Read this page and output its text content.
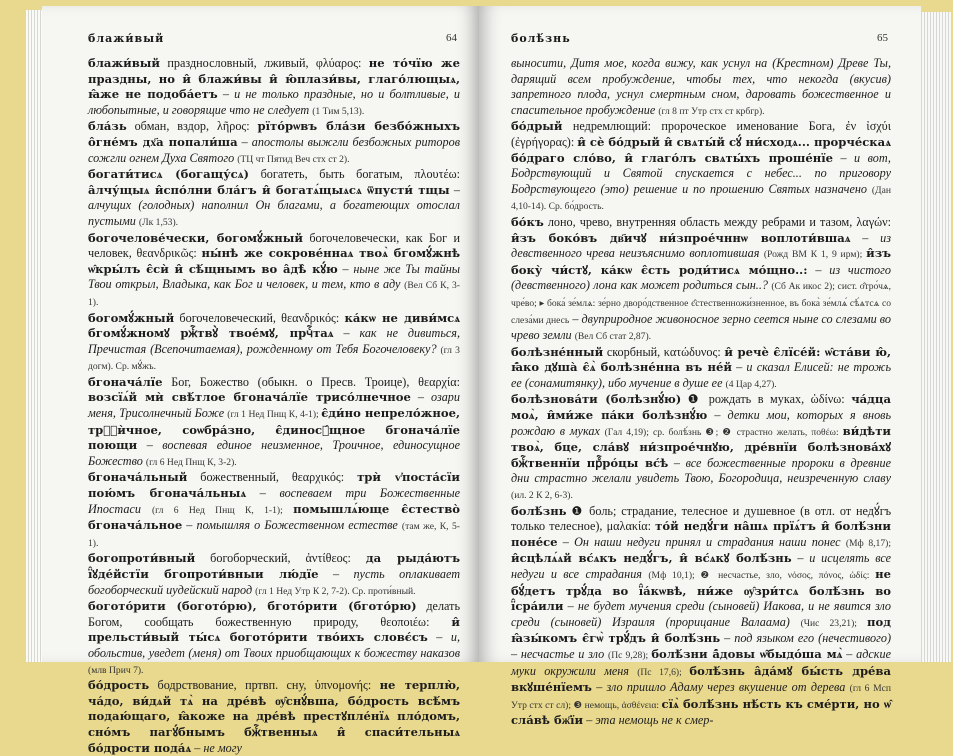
блажи́вый	64

блажи́вый празднословный, лживый, φλύαρος: не то́чїю же праздны, но и̂ блажи́вы и̂ ю̂плази́вы, глаго́лющыѧ, ꙗ̂же не подоба́етъ – и не только праздные, но и болтливые, и любопытные, и говорящие что не следует (1 Тим 5,13).

бла́зь обман, вздор, λῆρος: рїто́рѡвъ бла́зи безбо́жныхъ о̂гне́мъ дх҃а попали́ша – апостолы выжгли безбожных риторов сожгли огнем Духа Святого (ТЦ чт Пятид Веч стх ст 2).

богати́тисѧ (богащу́сѧ) богатеть, быть богатым, πλουτέω: а̂лчу́щыѧ и̂спо́лни бла́гъ и̂ богатѧ́щыѧсѧ ѿпусти́ тщы – алчущих (голодных) наполнил Он благами, а богатеющих отослал пустыми (Лк 1,53).

богочелове́чески, богомꙋ́жный богочеловечески, как Бог и человек, θεανδρικῶς: ны́нѣ же сокрове́ннаѧ твоѧ̀ бгомꙋ́жнѣ ѡ̂кры́лъ є̂сѝ и̂ сѣ́щнымъ во а̂дѣ̀ кꙋ́ю – ныне же Ты тайны Твои открыл, Владыка, как Бог и человек, и тем, кто в аду (Вел Сб К, 3-1).

богомꙋ́жный богочеловеческий, θεανδρικός: ка́кѡ не диви́мсѧ бгомꙋ́жномꙋ ржⷭ҇твꙋ̀ твое́мꙋ, прчⷭ҇таѧ – как не дивиться, Пречистая (Всепочитаемая), рожденному от Тебя Богочеловеку? (гл 3 догм). Ср. мꙋ́жъ.

бгонача́лїе Бог, Божество (обыкн. о Пресв. Троице), θεαρχία: возсїѧ́й мѝ свѣ́тлое бгонача́лїе трисо́лнечное – озари меня, Трисолнечный Боже (гл 1 Нед Пнщ К, 4-1); є̂ди́но непрело́жное, трⷭ҇ѝчное, соѡбра́зно, є̂диносꙋ́щное бгонача́лїе поющи – воспевая единое неизменное, Троичное, единосущное Божество (гл 6 Нед Пнщ К, 3-2).

бгонача́льный божественный, θεαρχικός: трѝ ѵ҆поста́сїи пою́мъ бгонача́льныѧ – воспеваем три Божественные Ипостаси (гл 6 Нед Пнщ К, 1-1); помышлѧ́юще є̂стество̀ бгонача́льное – помышляя о Божественном естестве (там же, К, 5-1).

богопроти́вный богоборческий, ἀντίθεος: да рыда́ютъ ї̂ꙋде́йстїи бгопроти́вныи лю́дїе – пусть оплакивает богоборческий иудейский народ (гл 1 Нед Утр К 2, 7-2). Ср. проти́вный.

богото́рити (богото́рю), бгото́рити (бгото́рю) делать Богом, сообщать божественную природу, θεοποιέω: и̂ прельсти́вый ты́сѧ богото́рити тво́ихъ словє́съ – и, обольстив, уведет (меня) от Твоих приобщающих к божеству наказов (млв Прич 7).

бо́дрость бодрствование, пртвп. сну, ὑπνομονής: не терплю̀, ча́до, ви́дѧй тѧ̀ на дре́вѣ ѹ̂снꙋ́вша, бо́дрость всѣ́мъ подаю́щаго, ꙗ̂коже на дре́вѣ престꙋпле́нїѧ пло́домъ, сно́мъ пагꙋ́бнымъ бжⷭ҇твенныѧ и̂ спаси́тельныѧ бо́дрости пода́ѧ – не могу

болѣ́знь	65

выносити, Дитя мое, когда вижу, как уснул на (Крестном) Древе Ты, дарящий всем пробуждение, чтобы тех, что некогда (вкусив) запретного плода, уснул смертным сном, даровать божественное и спасительное пробуждение (гл 8 пт Утр стх ст крбгр).

бо́дрый недремлющий: пророческое именование Бога, ἐν ἰσχύι (ἐγρήγορας): и̂ сѐ бо́дрый и̂ свѧты́й сꙋ́ ни́сходѧ... прорче́скаѧ бо́драго сло́во, и̂ глаго́лъ свѧты́хъ проше́нїе – и вот, Бодрствующий и Святой спускается с небес... по приговору Бодрствующего (это) решение и по прошению Святых назначено (Дан 4,10-14). Ср. бо́дрость.

бо́къ лоно, чрево, внутренняя область между ребрами и тазом, λαγών: и̂зъ боко́въ дв҃ичꙋ ни́зпрое́чннѡ воплоти́вшаѧ – из девственного чрева неизъяснимо воплотившая (Рожд ВМ К 1, 9 ирм); и̂зъ боку̀ чи́стꙋ, ка́кѡ є̂сть роди́тисѧ мо́щно..: – из чистого (девственного) лона как может родиться сын..? (Сб Ак икос 2); сист. о̂тро́чѧ, чре́во; ▸ бока́ зе́млѧ: зе́рно дворо́дственное є̂стественножи́зненное, въ бока̀ зе́млѧ́ сѣ́ѧтсѧ со слеза́ми днесь – двуприродное живоносное зерно сеется ныне со слезами во чрево земли (Вел Сб стат 2,87).

болѣзне́нный скорбный, κατώδυνος: и̂ речѐ є̂лїсе́й: ѡ̂ста́ви ю̂, ꙗ̂́ко дꙋша̀ є̂ѧ̀ болѣзне́нна въ не́й – и сказал Елисей: не трожь ее (сонамитянку), ибо мучение в душе ее (4 Цар 4,27).

болѣзнова́ти (болѣзнꙋ́ю) ❶ рождать в муках, ὠδίνω: ча́дца моѧ̀, и̂ми́же па́ки болѣзнꙋ́ю – детки мои, которых я вновь рождаю в муках (Гал 4,19); ср. болѣ́знь ❸; ❷ страстно желать, ποθέω: ви́дѣти твоѧ̀, бце, сла́вꙋ ни́зпрое́чнꙋю, дре́внїи болѣзнова́хꙋ бжⷭ҇твеннїи прⷪ҇ро́цы вс́ѣ – все божественные пророки в древние дни страстно желали увидеть Твою, Богородица, неизреченную славу (ил. 2 К 2, 6-3).

болѣ́знь ❶ боль; страдание, телесное и душевное (в отл. от недꙋ́гъ только телесное), μαλακία: то́й недꙋ́ги на̂шѧ прїѧ́тъ и̂ болѣ́зни поне́се – Он наши недуги принял и страдания наши понес (Мф 8,17); и̂сцѣлѧ́ѧй вс́ѧкъ недꙋ́гъ, и̂ вс́ѧкꙋ болѣ́знь – и исцелять все недуги и все страдания (Мф 10,1); ❷ несчастье, зло, νόσος, πόνος, ὠδίς: не бꙋ́детъ трꙋ́да во ї̂а́кѡвѣ, ни́же ѹ̂зри́тсѧ болѣ́знь во ї̂сра́или – не будет мучения среди (сыновей) Иакова, и не явится зло среди (сыновей) Израиля (прорицание Валаама) (Чис 23,21); под ꙗ̂зы́комъ є̂гѡ̀ трꙋ́дъ и̂ болѣ́знь – под языком его (нечестивого) – несчастье и зло (Пс 9,28); болѣ́зни а̂́довы ѡ̂быдо́ша мѧ̀ – адские муки окружили меня (Пс 17,6); болѣ́знь а̂да́мꙋ бы́сть дре́ва вкꙋше́нїемъ – зло пришло Адаму через вкушение от дерева (гл 6 Мсп Утр стх ст сл); ❸ немощь, ἀσθένεια: сїѧ̀ болѣ́знь нѣ́сть къ сме́рти, но ѡ̂ сла́вѣ бж҃їи – эта немощь не к смер-
